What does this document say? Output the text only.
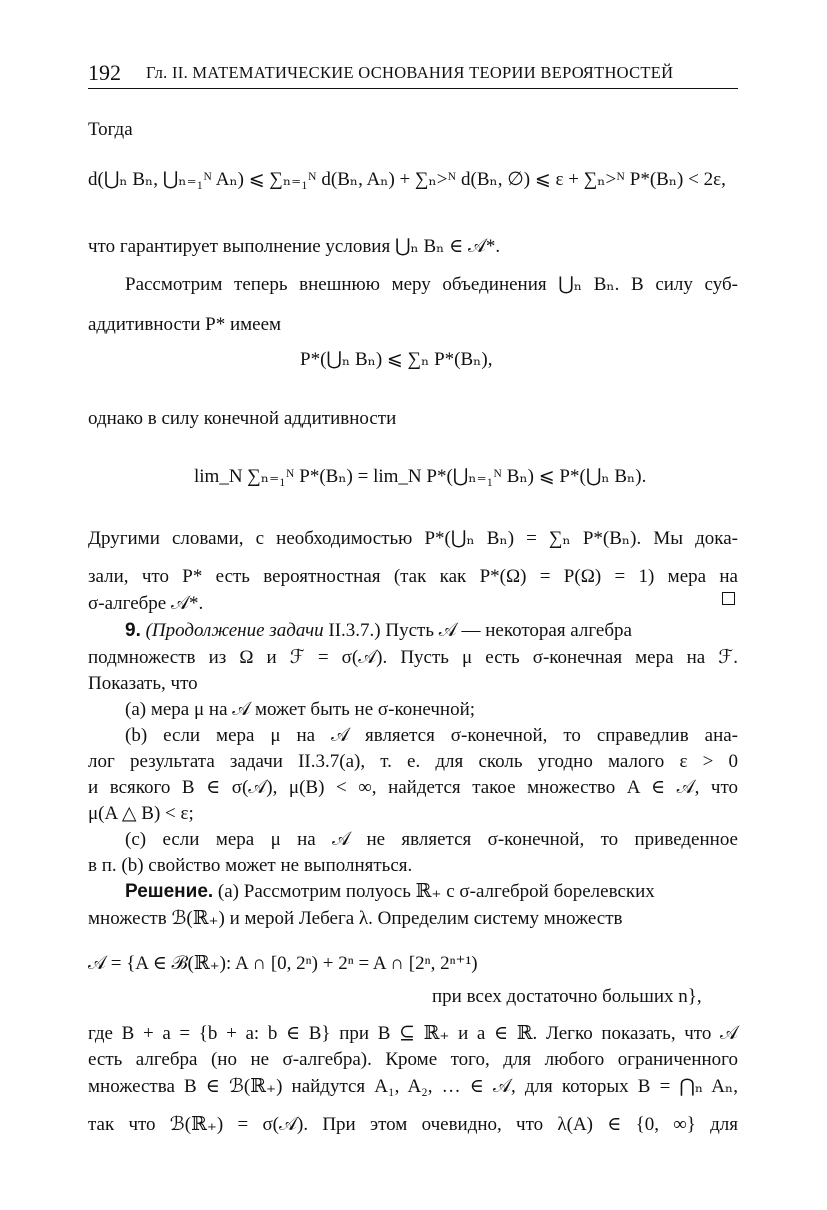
192 Гл. II. МАТЕМАТИЧЕСКИЕ ОСНОВАНИЯ ТЕОРИИ ВЕРОЯТНОСТЕЙ
Тогда
d(⋃ₙ Bₙ, ⋃ₙ₌₁ᴺ Aₙ) ⩽ ∑ₙ₌₁ᴺ d(Bₙ, Aₙ) + ∑ₙ>ᴺ d(Bₙ, ∅) ⩽ ε + ∑ₙ>ᴺ P*(Bₙ) < 2ε,
что гарантирует выполнение условия ⋃ₙ Bₙ ∈ 𝒜*.
Рассмотрим теперь внешнюю меру объединения ⋃ₙ Bₙ. В силу суб-
аддитивности P* имеем
P*(⋃ₙ Bₙ) ⩽ ∑ₙ P*(Bₙ),
однако в силу конечной аддитивности
lim_N ∑ₙ₌₁ᴺ P*(Bₙ) = lim_N P*(⋃ₙ₌₁ᴺ Bₙ) ⩽ P*(⋃ₙ Bₙ).
Другими словами, с необходимостью P*(⋃ₙ Bₙ) = ∑ₙ P*(Bₙ). Мы дока-
зали, что P* есть вероятностная (так как P*(Ω) = P(Ω) = 1) мера на
σ-алгебре 𝒜*.
9. (Продолжение задачи II.3.7.) Пусть 𝒜 — некоторая алгебра
подмножеств из Ω и ℱ = σ(𝒜). Пусть μ есть σ-конечная мера на ℱ.
Показать, что
(a) мера μ на 𝒜 может быть не σ-конечной;
(b) если мера μ на 𝒜 является σ-конечной, то справедлив ана-
лог результата задачи II.3.7(a), т. е. для сколь угодно малого ε > 0
и всякого B ∈ σ(𝒜), μ(B) < ∞, найдется такое множество A ∈ 𝒜, что
μ(A △ B) < ε;
(c) если мера μ на 𝒜 не является σ-конечной, то приведенное
в п. (b) свойство может не выполняться.
Решение. (a) Рассмотрим полуось ℝ₊ с σ-алгеброй борелевских
множеств ℬ(ℝ₊) и мерой Лебега λ. Определим систему множеств
𝒜 = {A ∈ ℬ(ℝ₊): A ∩ [0, 2ⁿ) + 2ⁿ = A ∩ [2ⁿ, 2ⁿ⁺¹)
при всех достаточно больших n},
где B + a = {b + a: b ∈ B} при B ⊆ ℝ₊ и a ∈ ℝ. Легко показать, что 𝒜
есть алгебра (но не σ-алгебра). Кроме того, для любого ограниченного
множества B ∈ ℬ(ℝ₊) найдутся A₁, A₂, … ∈ 𝒜, для которых B = ⋂ₙ Aₙ,
так что ℬ(ℝ₊) = σ(𝒜). При этом очевидно, что λ(A) ∈ {0, ∞} для
